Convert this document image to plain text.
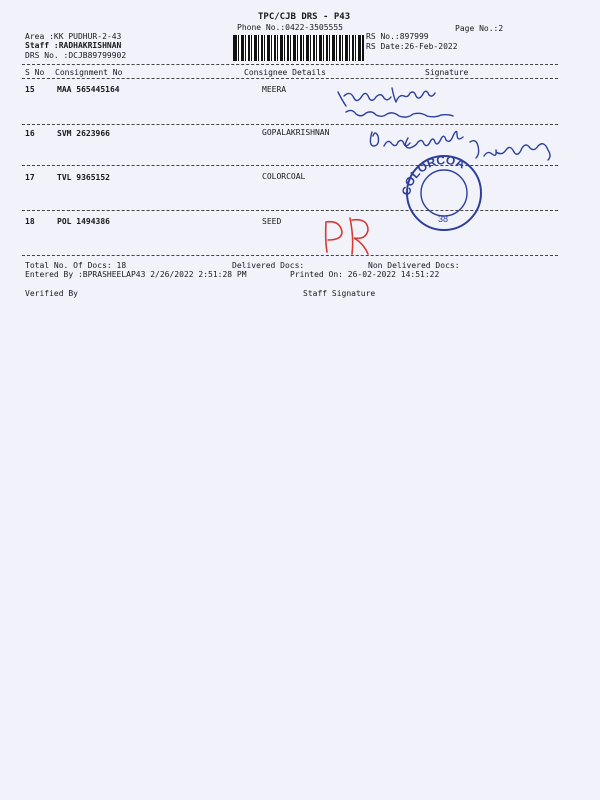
TPC/CJB DRS - P43
Phone No.:0422-3505555	Page No.:2
Area :KK PUDHUR-2-43
Staff :RADHAKRISHNAN
DRS No. :DCJB89799902
RS No.:897999
RS Date:26-Feb-2022
S No Consignment No	Consignee Details	Signature
15	MAA 565445164	MEERA
16	SVM 2623966	GOPALAKRISHNAN
17	TVL 9365152	COLORCOAL
18	POL 1494386	SEED
Total No. Of Docs: 18	Delivered Docs:	Non Delivered Docs:
Entered By :BPRASHEELAP43 2/26/2022 2:51:28 PM	Printed On: 26-02-2022 14:51:22
Verified By	Staff Signature
COLORCOA
38
